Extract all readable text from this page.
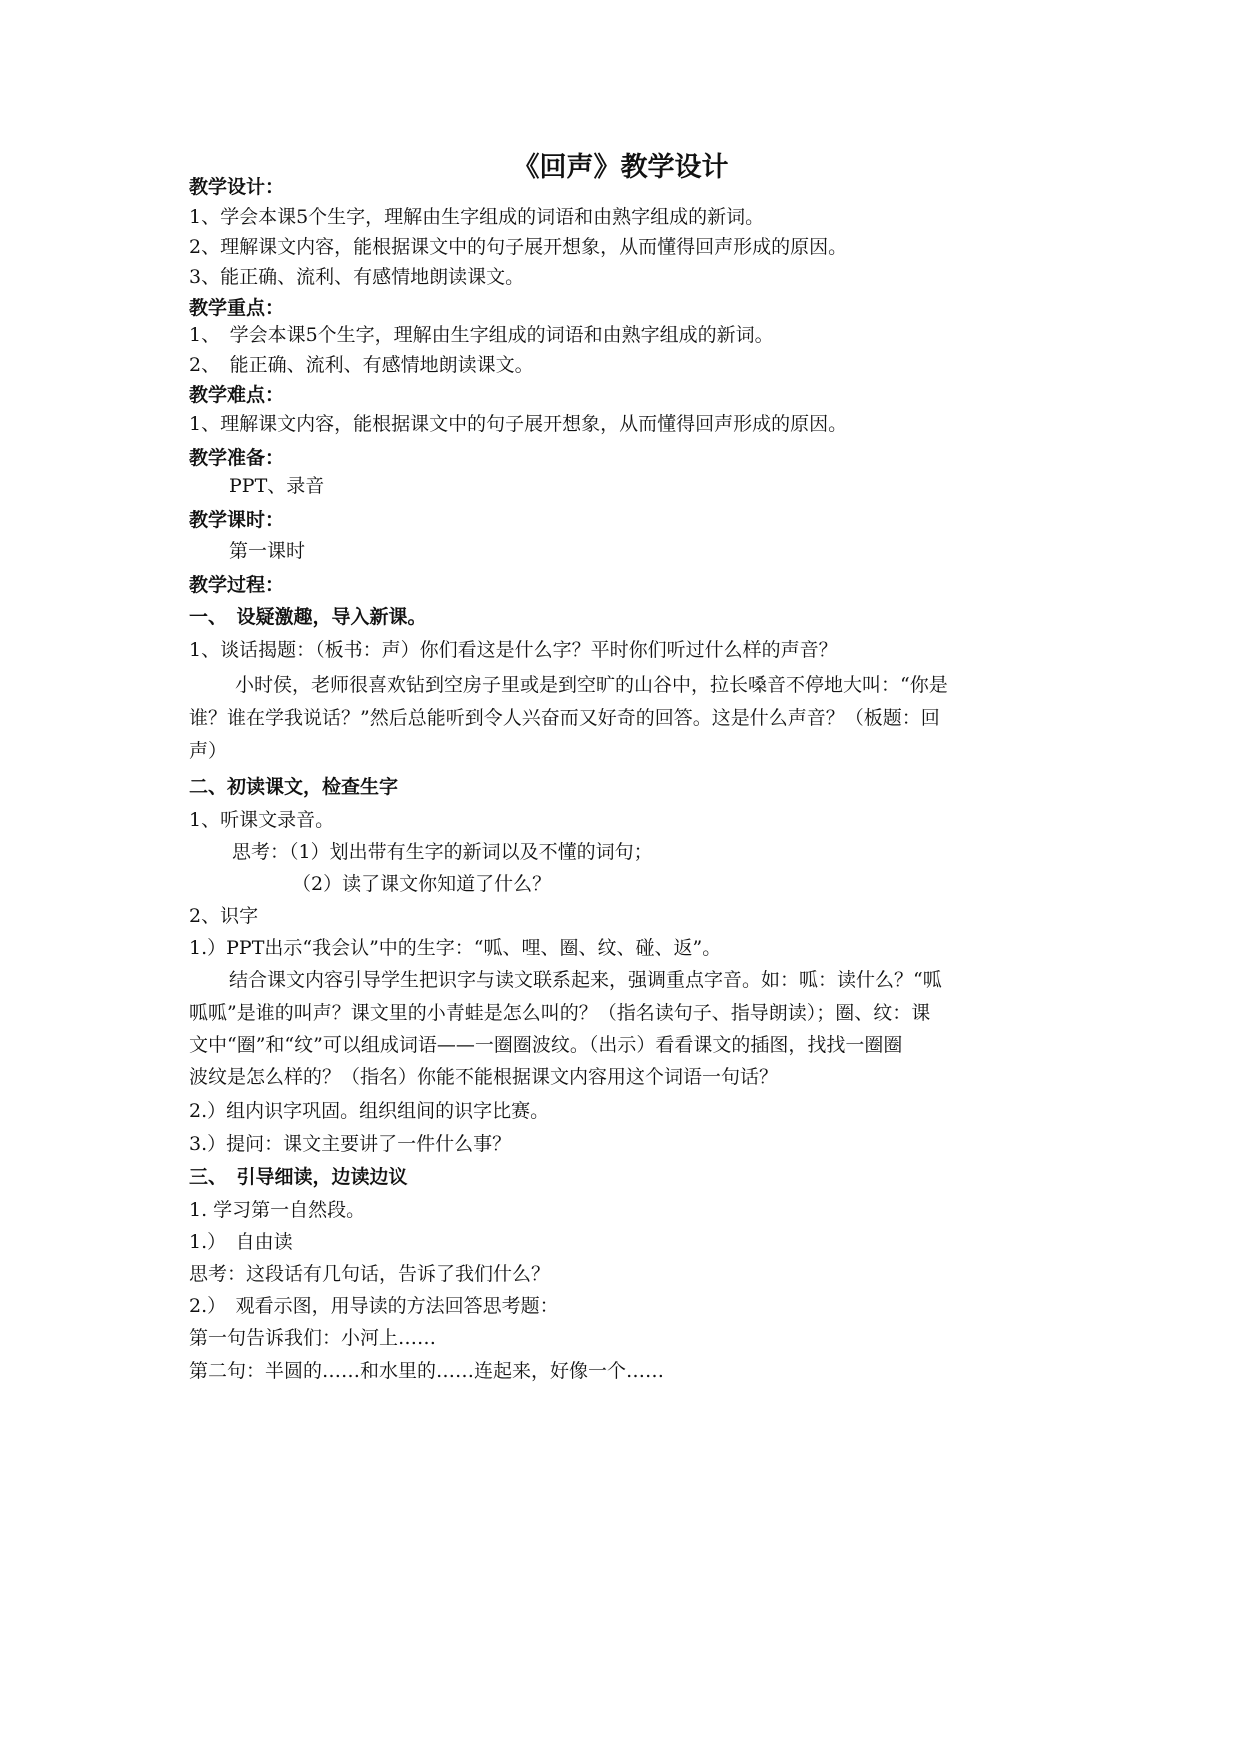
《回声》教学设计
教学设计：
1、学会本课5个生字，理解由生字组成的词语和由熟字组成的新词。
2、理解课文内容，能根据课文中的句子展开想象，从而懂得回声形成的原因。
3、能正确、流利、有感情地朗读课文。
教学重点：
1、　学会本课5个生字，理解由生字组成的词语和由熟字组成的新词。
2、　能正确、流利、有感情地朗读课文。
教学难点：
1、理解课文内容，能根据课文中的句子展开想象，从而懂得回声形成的原因。
教学准备：
PPT、录音
教学课时：
第一课时
教学过程：
一、　设疑激趣，导入新课。
1、谈话揭题：（板书：声）你们看这是什么字？平时你们听过什么样的声音？
小时侯，老师很喜欢钻到空房子里或是到空旷的山谷中，拉长嗓音不停地大叫：“你是
谁？谁在学我说话？”然后总能听到令人兴奋而又好奇的回答。这是什么声音？（板题：回
声）
二、初读课文，检查生字
1、听课文录音。
思考：（1）划出带有生字的新词以及不懂的词句；
（2）读了课文你知道了什么？
2、识字
1.）PPT出示“我会认”中的生字：“呱、哩、圈、纹、碰、返”。
结合课文内容引导学生把识字与读文联系起来，强调重点字音。如：呱：读什么？“呱
呱呱”是谁的叫声？课文里的小青蛙是怎么叫的？（指名读句子、指导朗读）；圈、纹：课
文中“圈”和“纹”可以组成词语——一圈圈波纹。（出示）看看课文的插图，找找一圈圈
波纹是怎么样的？（指名）你能不能根据课文内容用这个词语一句话？
2.）组内识字巩固。组织组间的识字比赛。
3.）提问：课文主要讲了一件什么事？
三、　引导细读，边读边议
1. 学习第一自然段。
1.）　自由读
思考：这段话有几句话，告诉了我们什么？
2.）　观看示图，用导读的方法回答思考题：
第一句告诉我们：小河上……
第二句：半圆的……和水里的……连起来，好像一个……
